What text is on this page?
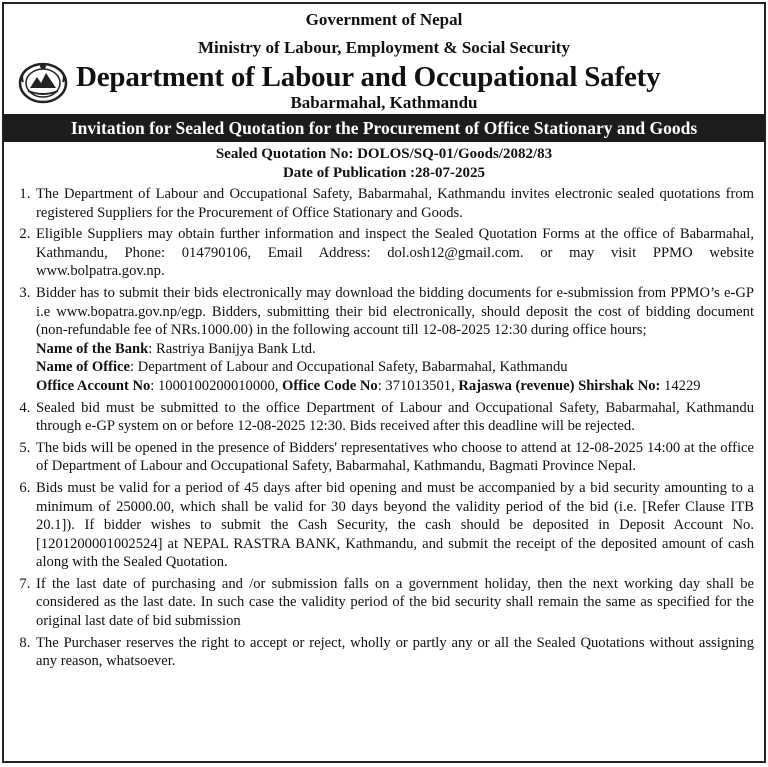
Government of Nepal
Ministry of Labour, Employment & Social Security
Department of Labour and Occupational Safety
Babarmahal, Kathmandu
Invitation for Sealed Quotation for the Procurement of Office Stationary and Goods
Sealed Quotation No: DOLOS/SQ-01/Goods/2082/83
Date of Publication :28-07-2025
1. The Department of Labour and Occupational Safety, Babarmahal, Kathmandu invites electronic sealed quotations from registered Suppliers for the Procurement of Office Stationary and Goods.
2. Eligible Suppliers may obtain further information and inspect the Sealed Quotation Forms at the office of Babarmahal, Kathmandu, Phone: 014790106, Email Address: dol.osh12@gmail.com. or may visit PPMO website www.bolpatra.gov.np.
3. Bidder has to submit their bids electronically may download the bidding documents for e-submission from PPMO’s e-GP i.e www.bopatra.gov.np/egp. Bidders, submitting their bid electronically, should deposit the cost of bidding document (non-refundable fee of NRs.1000.00) in the following account till 12-08-2025 12:30 during office hours;
Name of the Bank: Rastriya Banijya Bank Ltd.
Name of Office: Department of Labour and Occupational Safety, Babarmahal, Kathmandu
Office Account No: 1000100200010000, Office Code No: 371013501, Rajaswa (revenue) Shirshak No: 14229
4. Sealed bid must be submitted to the office Department of Labour and Occupational Safety, Babarmahal, Kathmandu through e-GP system on or before 12-08-2025 12:30. Bids received after this deadline will be rejected.
5. The bids will be opened in the presence of Bidders' representatives who choose to attend at 12-08-2025 14:00 at the office of Department of Labour and Occupational Safety, Babarmahal, Kathmandu, Bagmati Province Nepal.
6. Bids must be valid for a period of 45 days after bid opening and must be accompanied by a bid security amounting to a minimum of 25000.00, which shall be valid for 30 days beyond the validity period of the bid (i.e. [Refer Clause ITB 20.1]). If bidder wishes to submit the Cash Security, the cash should be deposited in Deposit Account No.[1201200001002524] at NEPAL RASTRA BANK, Kathmandu, and submit the receipt of the deposited amount of cash along with the Sealed Quotation.
7. If the last date of purchasing and /or submission falls on a government holiday, then the next working day shall be considered as the last date. In such case the validity period of the bid security shall remain the same as specified for the original last date of bid submission
8. The Purchaser reserves the right to accept or reject, wholly or partly any or all the Sealed Quotations without assigning any reason, whatsoever.
